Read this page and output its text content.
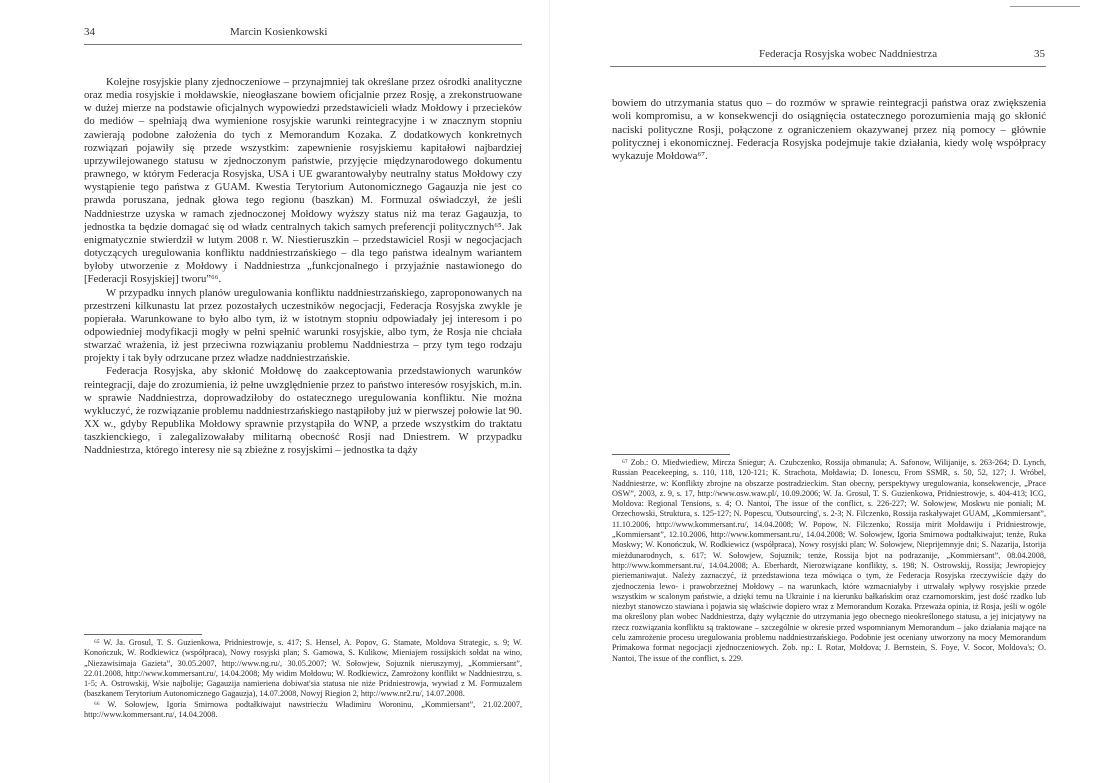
34	Marcin Kosienkowski

Kolejne rosyjskie plany zjednoczeniowe – przynajmniej tak określane przez ośrodki analityczne oraz media rosyjskie i mołdawskie, nieogłaszane bowiem oficjalnie przez Rosję, a zrekonstruowane w dużej mierze na podstawie oficjalnych wypowiedzi przedstawicieli władz Mołdowy i przecieków do mediów – spełniają dwa wymienione rosyjskie warunki reintegracyjne i w znacznym stopniu zawierają podobne założenia do tych z Memorandum Kozaka. Z dodatkowych konkretnych rozwiązań pojawiły się przede wszystkim: zapewnienie rosyjskiemu kapitałowi najbardziej uprzywilejowanego statusu w zjednoczonym państwie, przyjęcie międzynarodowego dokumentu prawnego, w którym Federacja Rosyjska, USA i UE gwarantowałyby neutralny status Mołdowy czy wystąpienie tego państwa z GUAM. Kwestia Terytorium Autonomicznego Gagauzja nie jest co prawda poruszana, jednak głowa tego regionu (baszkan) M. Formuzal oświadczył, że jeśli Naddniestrze uzyska w ramach zjednoczonej Mołdowy wyższy status niż ma teraz Gagauzja, to jednostka ta będzie domagać się od władz centralnych takich samych preferencji politycznych⁶⁵. Jak enigmatycznie stwierdził w lutym 2008 r. W. Niestieruszkin – przedstawiciel Rosji w negocjacjach dotyczących uregulowania konfliktu naddniestrzańskiego – dla tego państwa idealnym wariantem byłoby utworzenie z Mołdowy i Naddniestrza „funkcjonalnego i przyjaźnie nastawionego do [Federacji Rosyjskiej] tworu”⁶⁶.

W przypadku innych planów uregulowania konfliktu naddniestrzańskiego, zaproponowanych na przestrzeni kilkunastu lat przez pozostałych uczestników negocjacji, Federacja Rosyjska zwykle je popierała. Warunkowane to było albo tym, iż w istotnym stopniu odpowiadały jej interesom i po odpowiedniej modyfikacji mogły w pełni spełnić warunki rosyjskie, albo tym, że Rosja nie chciała stwarzać wrażenia, iż jest przeciwna rozwiązaniu problemu Naddniestrza – przy tym tego rodzaju projekty i tak były odrzucane przez władze naddniestrzańskie.

Federacja Rosyjska, aby skłonić Mołdowę do zaakceptowania przedstawionych warunków reintegracji, daje do zrozumienia, iż pełne uwzględnienie przez to państwo interesów rosyjskich, m.in. w sprawie Naddniestrza, doprowadziłoby do ostatecznego uregulowania konfliktu. Nie można wykluczyć, że rozwiązanie problemu naddniestrzańskiego nastąpiłoby już w pierwszej połowie lat 90. XX w., gdyby Republika Mołdowy sprawnie przystąpiła do WNP, a przede wszystkim do traktatu taszkienckiego, i zalegalizowałaby militarną obecność Rosji nad Dniestrem. W przypadku Naddniestrza, którego interesy nie są zbieżne z rosyjskimi – jednostka ta dąży

⁶⁵ W. Ja. Grosul, T. S. Guzienkowa, Pridniestrowje, s. 417; S. Hensel, A. Popov, G. Stamate, Moldova Strategic, s. 9; W. Konończuk, W. Rodkiewicz (współpraca), Nowy rosyjski plan; S. Gamowa, S. Kulikow, Mieniajem rossijskich sołdat na winо, „Niezawisimaja Gazieta”, 30.05.2007, http://www.ng.ru/, 30.05.2007; W. Sołowjew, Sojuznik nieruszymyj, „Kommiersant”, 22.01.2008, http://www.kommersant.ru/, 14.04.2008; My widim Mołdowu; W. Rodkiewicz, Zamrożony konflikt w Naddniestrzu, s. 1-5; A. Ostrowskij, Wsie najbolije; Gagauzija namieriena dobiwat'sia statusa nie niże Pridniestrowja, wywiad z M. Formuzalem (baszkanem Terytorium Autonomicznego Gagauzja), 14.07.2008, Nowyj Riegion 2, http://www.nr2.ru/, 14.07.2008.

⁶⁶ W. Sołowjew, Igoria Smirnowa podtałkiwajut nawstriecżu Władimiru Woroninu, „Kommiersant”, 21.02.2007, http://www.kommersant.ru/, 14.04.2008.

Federacja Rosyjska wobec Naddniestrza	35

bowiem do utrzymania status quo – do rozmów w sprawie reintegracji państwa oraz zwiększenia woli kompromisu, a w konsekwencji do osiągnięcia ostatecznego porozumienia mają go skłonić naciski polityczne Rosji, połączone z ograniczeniem okazywanej przez nią pomocy – głównie politycznej i ekonomicznej. Federacja Rosyjska podejmuje takie działania, kiedy wolę współpracy wykazuje Mołdowa⁶⁷.

⁶⁷ Zob.: O. Miedwiediew, Mircza Sniegur; A. Czubczenko, Rossija obmanula; A. Safonow, Wilijanije, s. 263-264; D. Lynch, Russian Peacekeeping, s. 110, 118, 120-121; K. Strachota, Mołdawia; D. Ionescu, From SSMR, s. 50, 52, 127; J. Wróbel, Naddniestrze, w: Konflikty zbrojne na obszarze postradzieckim. Stan obecny, perspektywy uregulowania, konsekwencje, „Prace OSW”, 2003, z. 9, s. 17, http://www.osw.waw.pl/, 10.09.2006; W. Ja. Grosul, T. S. Guzienkowa, Pridniestrowje, s. 404-413; ICG, Moldova: Regional Tensions, s. 4; O. Nantoi, The issue of the conflict, s. 226-227; W. Sołowjew, Moskwu nie poniali; M. Orzechowski, Struktura, s. 125-127; N. Popescu, 'Outsourcing', s. 2-3; N. Filczenko, Rossija raskaływajet GUAM, „Kommiersant”, 11.10.2006, http://www.kommersant.ru/, 14.04.2008; W. Popow, N. Filczenko, Rossija mirit Mołdawiju i Pridniestrowje, „Kommiersant”, 12.10.2006, http://www.kommersant.ru/, 14.04.2008; W. Sołowjew, Igoria Smirnowa podtałkiwajut; tenże, Ruka Moskwy; W. Konończuk, W. Rodkiewicz (współpraca), Nowy rosyjski plan; W. Sołowjew, Nieprijemnyje dni; S. Nazarija, Istorija mieżdunarodnych, s. 617; W. Sołowjew, Sojuznik; tenże, Rossija bjot na podrazanije, „Kommiersant”, 08.04.2008, http://www.kommersant.ru/, 14.04.2008; A. Eberhardt, Nierozwiązane konflikty, s. 198; N. Ostrowskij, Rossija; Jewropiejcy pieriemaniwajut. Należy zaznaczyć, iż przedstawiona teza mówiąca o tym, że Federacja Rosyjska rzeczywiście dąży do zjednoczenia lewo- i prawobrzeżnej Mołdowy – na warunkach, które wzmacniałyby i utrwalały wpływy rosyjskie przede wszystkim w scalonym państwie, a dzięki temu na Ukrainie i na kierunku bałkańskim oraz czarnomorskim, jest dość rzadko lub niezbyt stanowczo stawiana i pojawia się właściwie dopiero wraz z Memorandum Kozaka. Przeważa opinia, iż Rosja, jeśli w ogóle ma określony plan wobec Naddniestrza, dąży wyłącznie do utrzymania jego obecnego nieokreślonego statusu, a jej inicjatywy na rzecz rozwiązania konfliktu są traktowane – szczególnie w okresie przed wspomnianym Memorandum – jako działania mające na celu zamrożenie procesu uregulowania problemu naddniestrzańskiego. Podobnie jest oceniany utworzony na mocy Memorandum Primakowa format negocjacji zjednoczeniowych. Zob. np.: I. Rotar, Mołdova; J. Bernstein, S. Foye, V. Socor, Moldova's; O. Nantoi, The issue of the conflict, s. 229.
